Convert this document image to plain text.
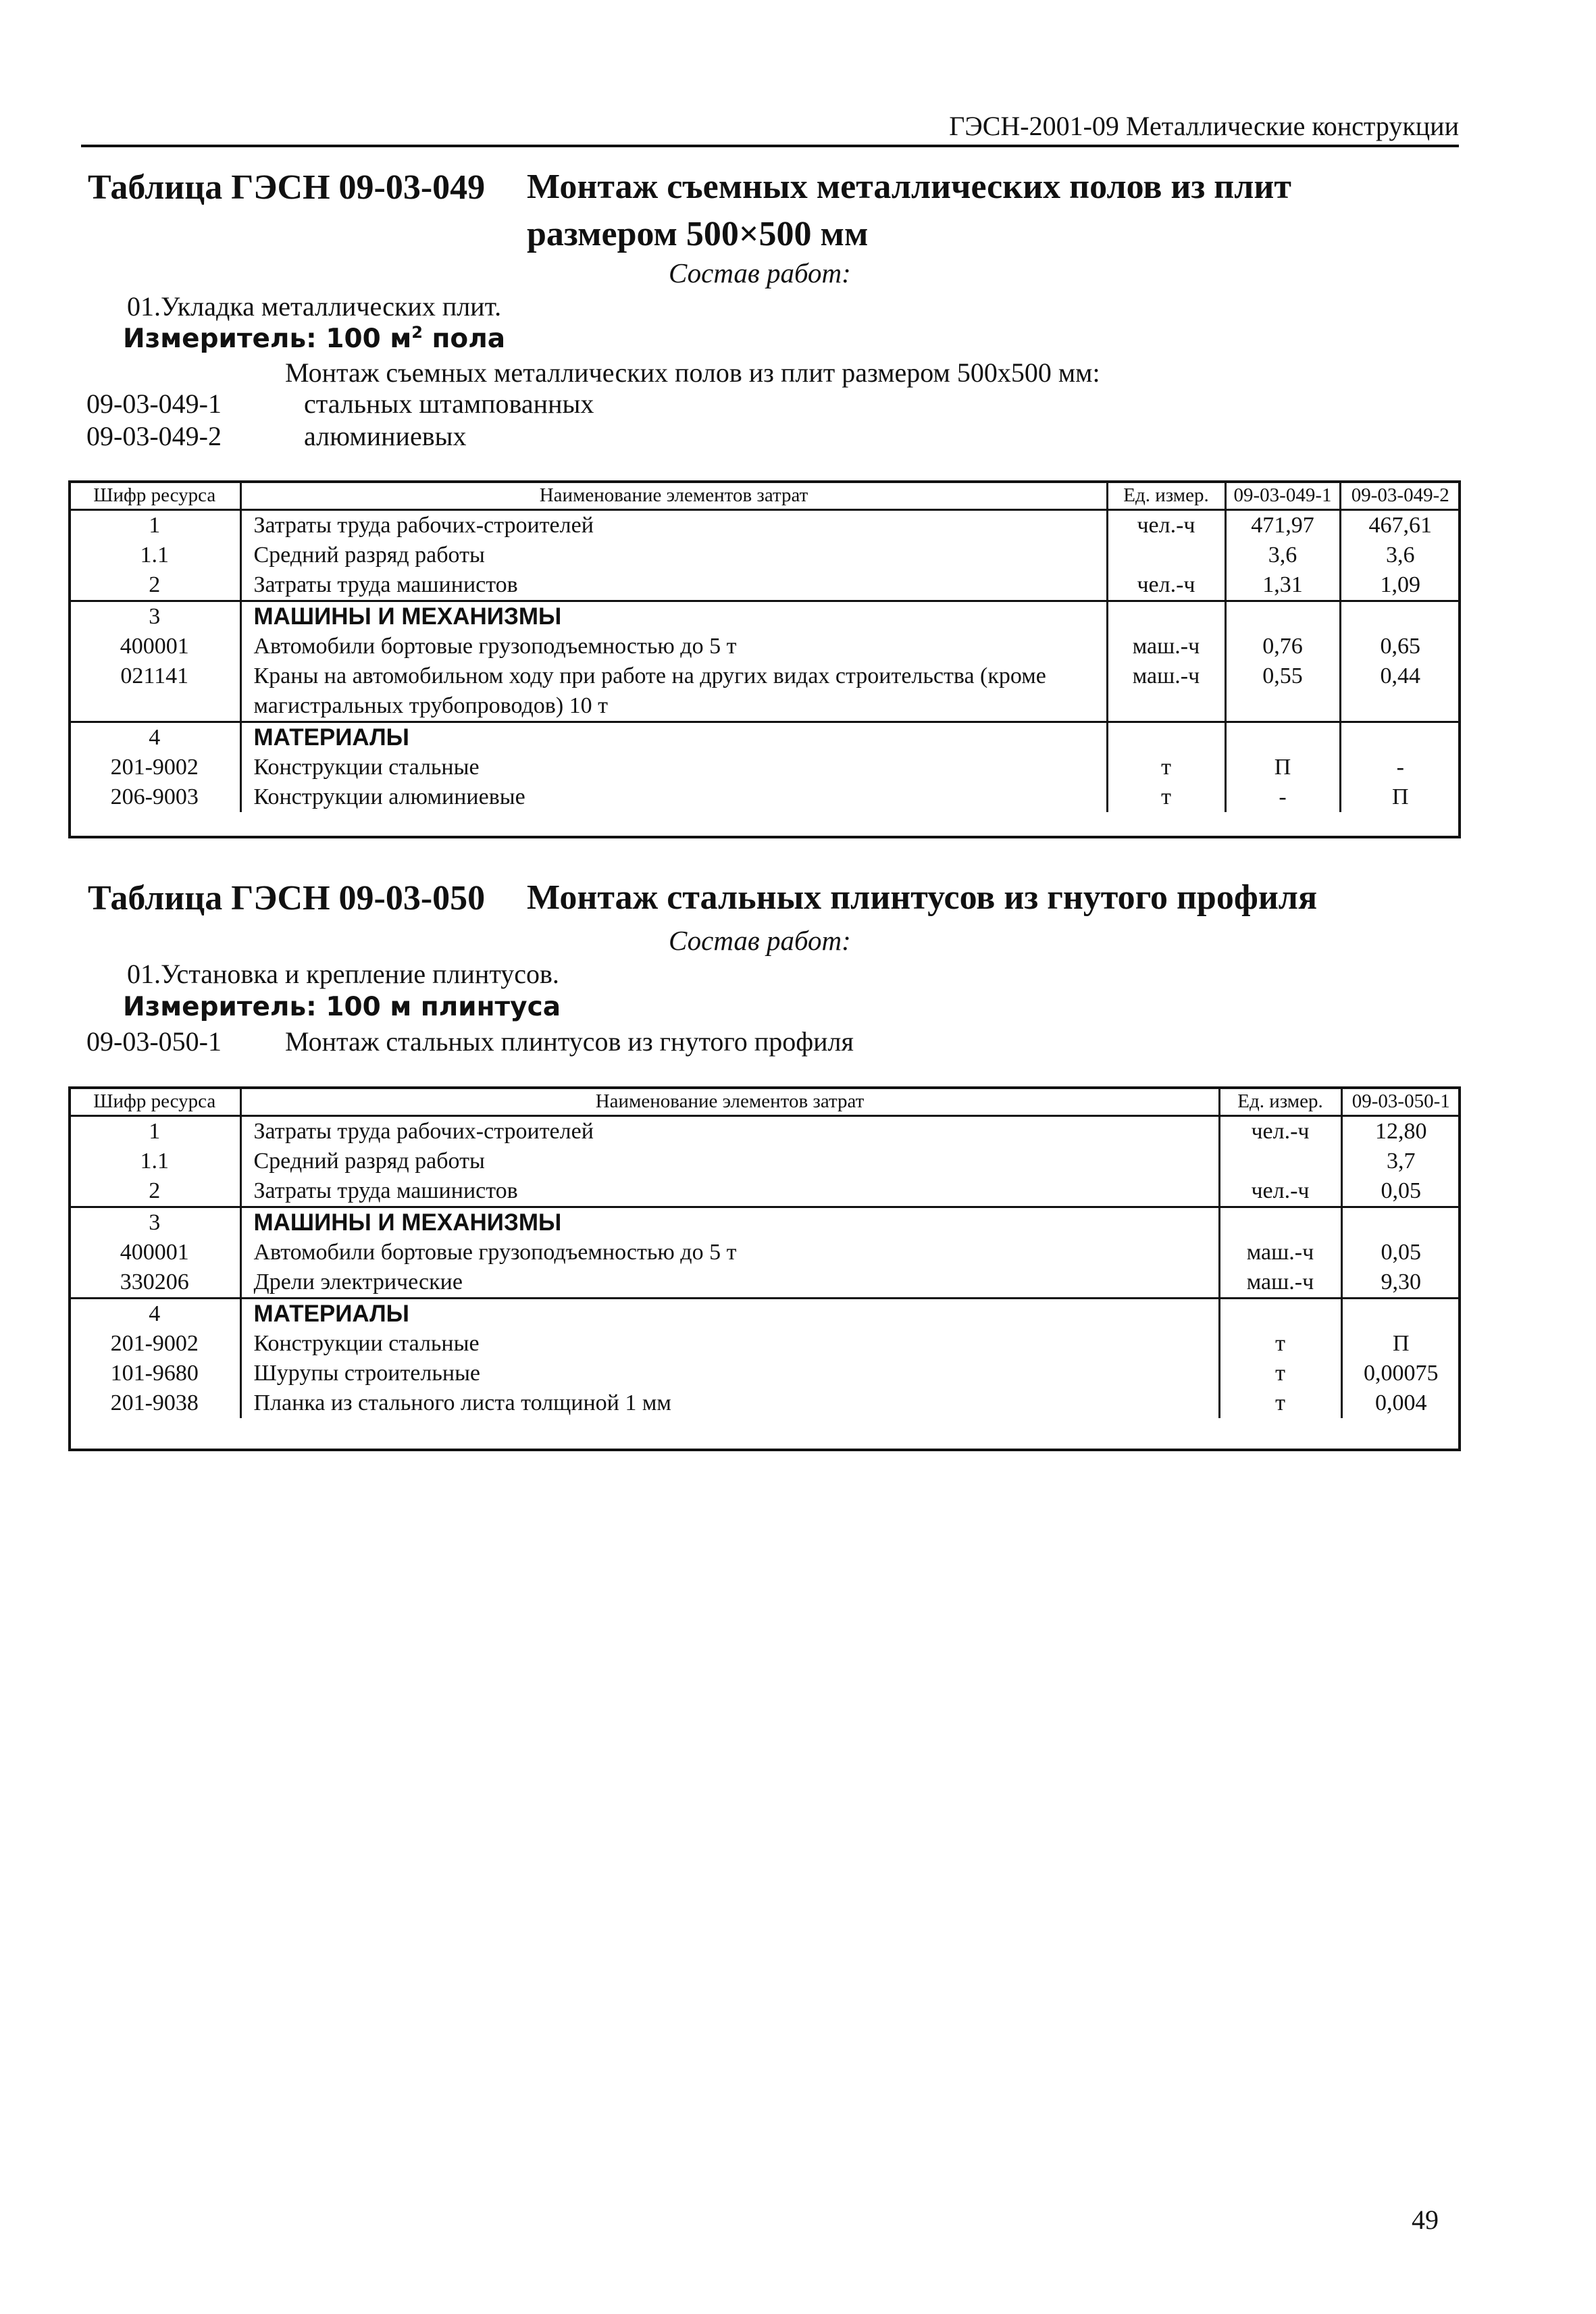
ГЭСН-2001-09 Металлические конструкции
Таблица ГЭСН 09-03-049 Монтаж съемных металлических полов из плит размером 500×500 мм
Состав работ:
01.Укладка металлических плит.
Измеритель: 100 $м^2$ пола
Монтаж съемных металлических полов из плит размером 500х500 мм:
09-03-049-1	стальных штампованных
09-03-049-2	алюминиевых
Шифр ресурса	Наименование элементов затрат	Ед. измер.	09-03-049-1	09-03-049-2
1	Затраты труда рабочих-строителей	чел.-ч	471,97	467,61
1.1	Средний разряд работы		3,6	3,6
2	Затраты труда машинистов	чел.-ч	1,31	1,09
3	МАШИНЫ И МЕХАНИЗМЫ			
400001	Автомобили бортовые грузоподъемностью до 5 т	маш.-ч	0,76	0,65
021141	Краны на автомобильном ходу при работе на других видах строительства (кроме магистральных трубопроводов) 10 т	маш.-ч	0,55	0,44
4	МАТЕРИАЛЫ			
201-9002	Конструкции стальные	т	П	-
206-9003	Конструкции алюминиевые	т	-	П
Таблица ГЭСН 09-03-050 Монтаж стальных плинтусов из гнутого профиля
Состав работ:
01.Установка и крепление плинтусов.
Измеритель: 100 м плинтуса
09-03-050-1 Монтаж стальных плинтусов из гнутого профиля
Шифр ресурса	Наименование элементов затрат	Ед. измер.	09-03-050-1
1	Затраты труда рабочих-строителей	чел.-ч	12,80
1.1	Средний разряд работы		3,7
2	Затраты труда машинистов	чел.-ч	0,05
3	МАШИНЫ И МЕХАНИЗМЫ		
400001	Автомобили бортовые грузоподъемностью до 5 т	маш.-ч	0,05
330206	Дрели электрические	маш.-ч	9,30
4	МАТЕРИАЛЫ		
201-9002	Конструкции стальные	т	П
101-9680	Шурупы строительные	т	0,00075
201-9038	Планка из стального листа толщиной 1 мм	т	0,004
49
